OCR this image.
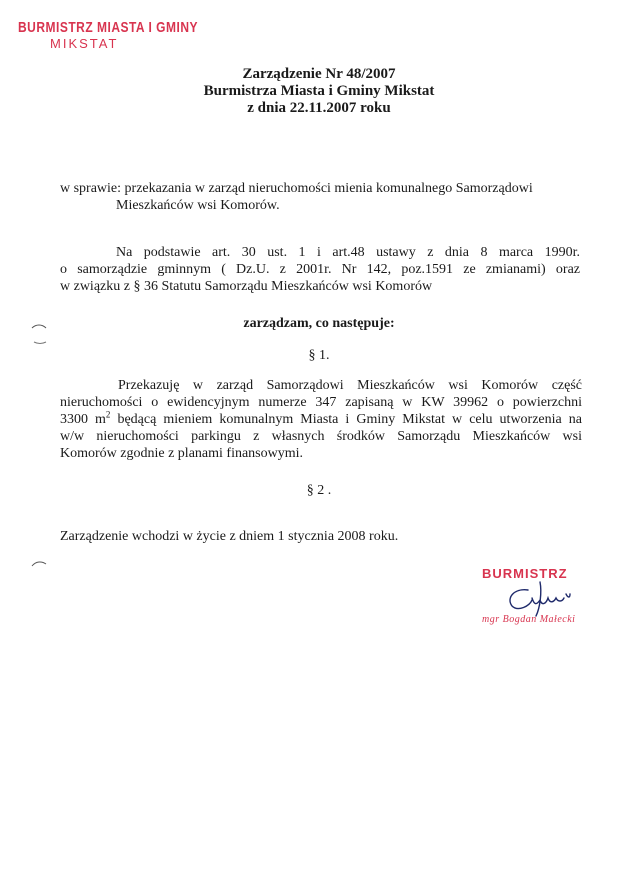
BURMISTRZ MIASTA I GMINY
MIKSTAT
Zarządzenie Nr 48/2007
Burmistrza Miasta i Gminy Mikstat
z dnia 22.11.2007 roku
w sprawie: przekazania w zarząd nieruchomości mienia komunalnego Samorządowi
Mieszkańców wsi Komorów.
Na podstawie art. 30 ust. 1 i art.48 ustawy z dnia 8 marca 1990r.
o samorządzie gminnym ( Dz.U. z 2001r. Nr 142, poz.1591 ze zmianami) oraz
w związku z § 36 Statutu Samorządu Mieszkańców wsi Komorów
zarządzam, co następuje:
§ 1.
Przekazuję w zarząd Samorządowi Mieszkańców wsi Komorów część
nieruchomości o ewidencyjnym numerze 347 zapisaną w KW 39962 o powierzchni
3300 $m^2$ będącą mieniem komunalnym Miasta i Gminy Mikstat w celu utworzenia na
w/w nieruchomości parkingu z własnych środków Samorządu Mieszkańców wsi
Komorów zgodnie z planami finansowymi.
§ 2 .
Zarządzenie wchodzi w życie z dniem 1 stycznia 2008 roku.
BURMISTRZ
mgr Bogdan Małecki
